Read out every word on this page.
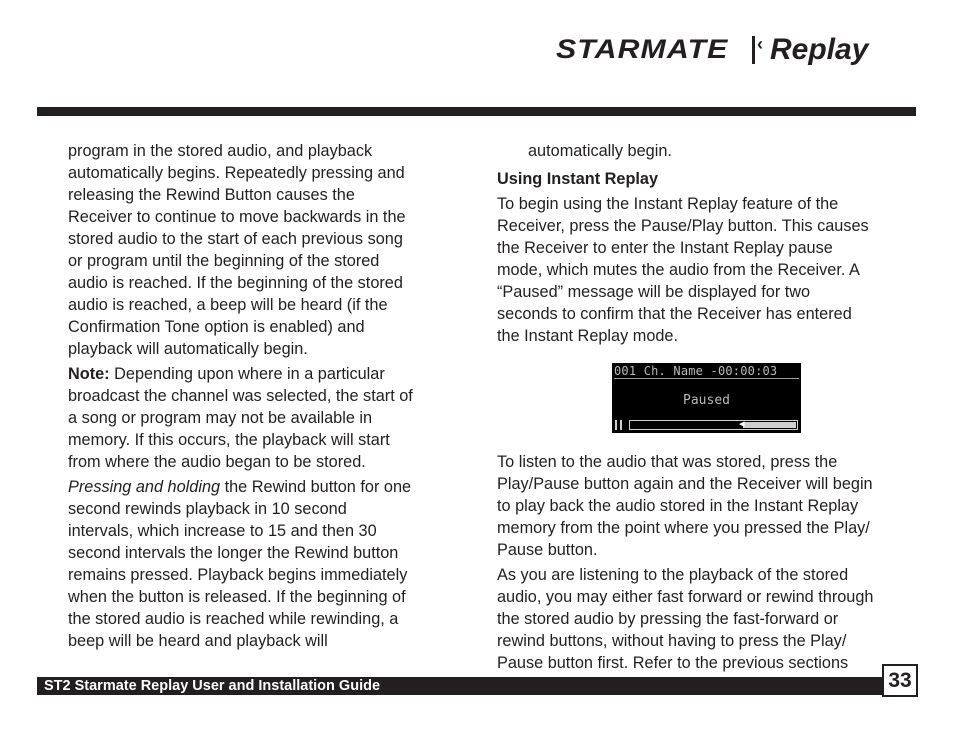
STARMATE ‹ Replay

program in the stored audio, and playback
automatically begins. Repeatedly pressing and
releasing the Rewind Button causes the
Receiver to continue to move backwards in the
stored audio to the start of each previous song
or program until the beginning of the stored
audio is reached. If the beginning of the stored
audio is reached, a beep will be heard (if the
Confirmation Tone option is enabled) and
playback will automatically begin.

Note: Depending upon where in a particular
broadcast the channel was selected, the start of
a song or program may not be available in
memory. If this occurs, the playback will start
from where the audio began to be stored.

Pressing and holding the Rewind button for one
second rewinds playback in 10 second
intervals, which increase to 15 and then 30
second intervals the longer the Rewind button
remains pressed. Playback begins immediately
when the button is released. If the beginning of
the stored audio is reached while rewinding, a
beep will be heard and playback will

automatically begin.

Using Instant Replay

To begin using the Instant Replay feature of the
Receiver, press the Pause/Play button. This causes
the Receiver to enter the Instant Replay pause
mode, which mutes the audio from the Receiver. A
“Paused” message will be displayed for two
seconds to confirm that the Receiver has entered
the Instant Replay mode.

To listen to the audio that was stored, press the
Play/Pause button again and the Receiver will begin
to play back the audio stored in the Instant Replay
memory from the point where you pressed the Play/
Pause button.

As you are listening to the playback of the stored
audio, you may either fast forward or rewind through
the stored audio by pressing the fast-forward or
rewind buttons, without having to press the Play/
Pause button first. Refer to the previous sections

001 Ch. Name -00:00:03
Paused
◂
ST2 Starmate Replay User and Installation Guide	33
